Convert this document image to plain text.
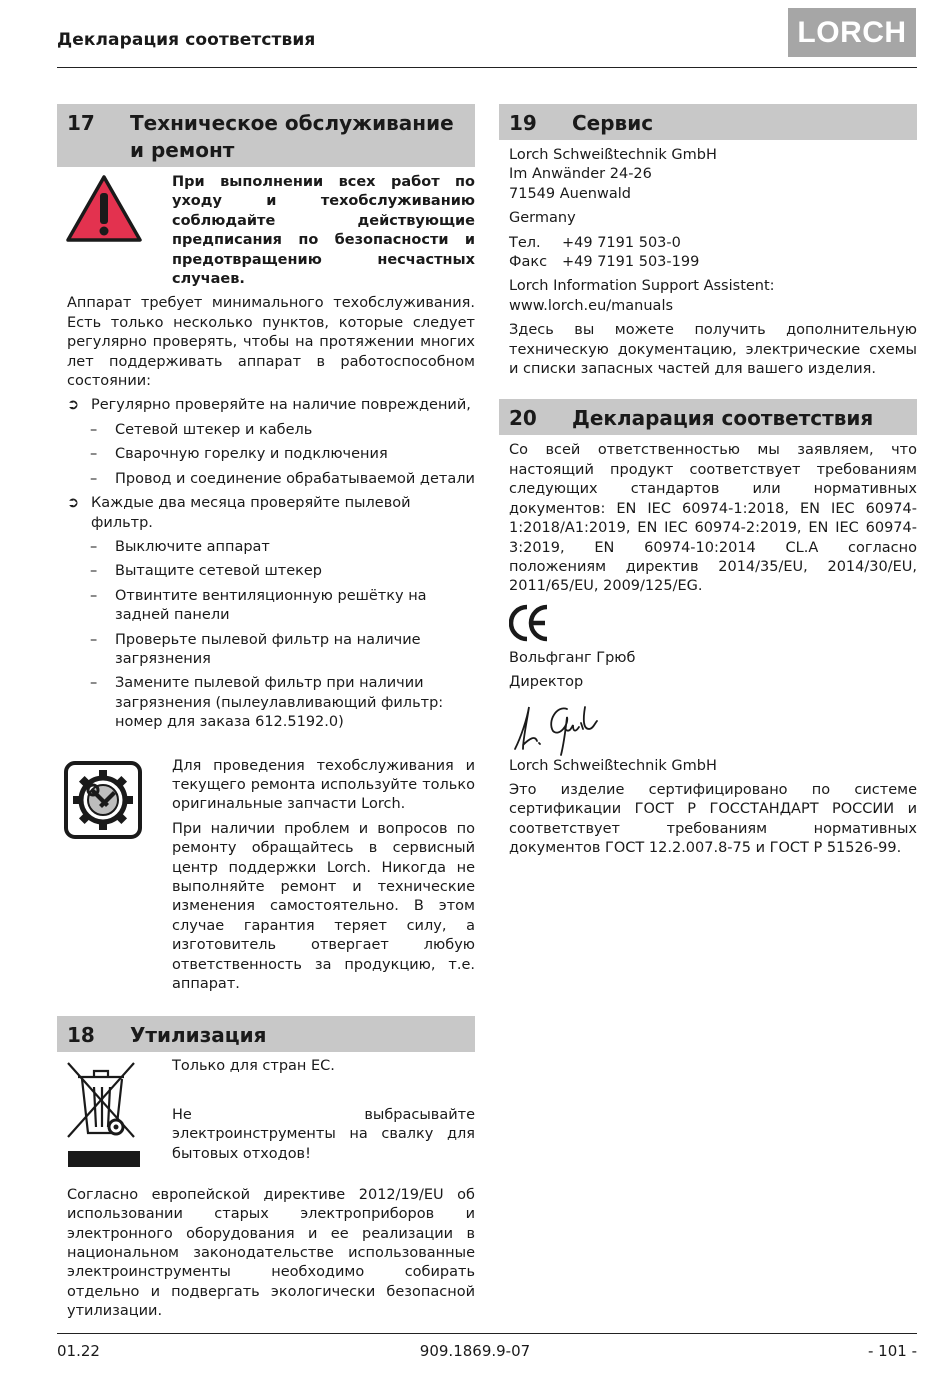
Декларация соответствия	LORCH
17	Техническое обслуживание и ремонт
При выполнении всех работ по уходу и техобслуживанию соблюдайте действующие предписания по безопасности и предотвращению несчастных случаев.

Аппарат требует минимального техобслуживания. Есть только несколько пунктов, которые следует регулярно проверять, чтобы на протяжении многих лет поддерживать аппарат в работоспособном состоянии:

➲ Регулярно проверяйте на наличие повреждений,
–	Сетевой штекер и кабель
–	Сварочную горелку и подключения
–	Провод и соединение обрабатываемой детали
➲ Каждые два месяца проверяйте пылевой фильтр.
–	Выключите аппарат
–	Вытащите сетевой штекер
–	Отвинтите вентиляционную решётку на задней панели
–	Проверьте пылевой фильтр на наличие загрязнения
–	Замените пылевой фильтр при наличии загрязнения (пылеулавливающий фильтр: номер для заказа 612.5192.0)
Для проведения техобслуживания и текущего ремонта используйте только оригинальные запчасти Lorch.
При наличии проблем и вопросов по ремонту обращайтесь в сервисный центр поддержки Lorch. Никогда не выполняйте ремонт и технические изменения самостоятельно. В этом случае гарантия теряет силу, а изготовитель отвергает любую ответственность за продукцию, т.е. аппарат.
18	Утилизация
Только для стран ЕС.
Не выбрасывайте электроинструменты на свалку для бытовых отходов!

Согласно европейской директиве 2012/19/EU об использовании старых электроприборов и электронного оборудования и ее реализации в национальном законодательстве использованные электроинструменты необходимо собирать отдельно и подвергать экологически безопасной утилизации.

19	Сервис

Lorch Schweißtechnik GmbH

Im Anwänder 24-26

71549 Auenwald

Germany

Тел.	+49 7191 503-0
Факс	+49 7191 503-199

Lorch Information Support Assistent:

www.lorch.eu/manuals

Здесь вы можете получить дополнительную техническую документацию, электрические схемы и списки запасных частей для вашего изделия.

20	Декларация соответствия

Со всей ответственностью мы заявляем, что настоящий продукт соответствует требованиям следующих стандартов или нормативных документов: EN IEC 60974-1:2018, EN IEC 60974-1:2018/A1:2019, EN IEC 60974-2:2019, EN IEC 60974-3:2019, EN 60974-10:2014 CL.A согласно положениям директив 2014/35/EU, 2014/30/EU, 2011/65/EU, 2009/125/EG.

Вольфганг Грюб

Директор

Lorch Schweißtechnik GmbH

Это изделие сертифицировано по системе сертификации ГОСТ Р ГОССТАНДАРТ РОССИИ и соответствует требованиям нормативных документов ГОСТ 12.2.007.8-75 и ГОСТ Р 51526-99.

01.22	909.1869.9-07	- 101 -
